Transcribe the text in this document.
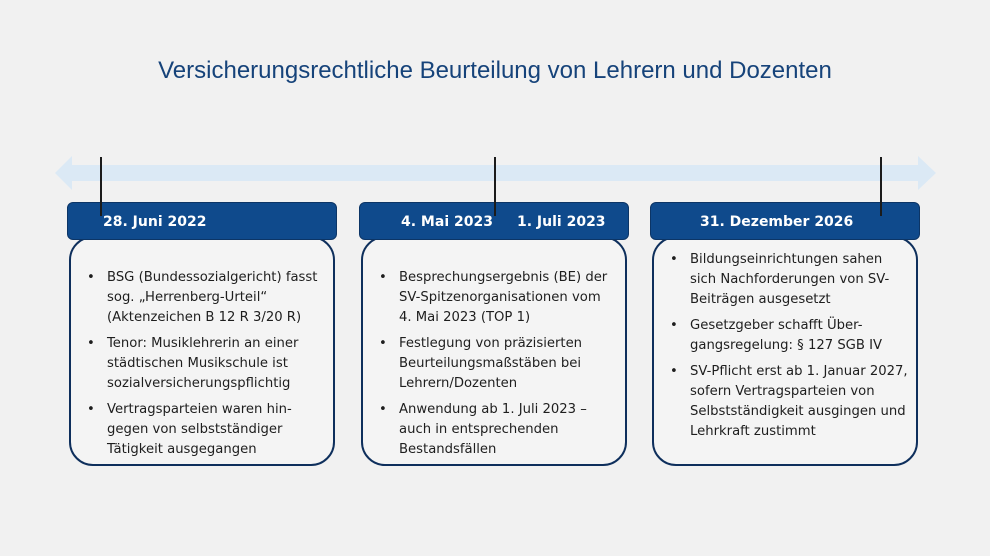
Versicherungsrechtliche Beurteilung von Lehrern und Dozenten
• BSG (Bundessozialgericht) fasst sog. „Herrenberg-Urteil“ (Aktenzeichen B 12 R 3/20 R)
• Tenor: Musiklehrerin an einer städtischen Musikschule ist sozialversicherungspflichtig
• Vertragsparteien waren hin-gegen von selbstständiger Tätigkeit ausgegangen
28. Juni 2022
• Besprechungsergebnis (BE) der SV-Spitzenorganisationen vom 4. Mai 2023 (TOP 1)
• Festlegung von präzisierten Beurteilungsmaßstäben bei Lehrern/Dozenten
• Anwendung ab 1. Juli 2023 – auch in entsprechenden Bestandsfällen
4. Mai 2023 1. Juli 2023
• Bildungseinrichtungen sahen sich Nachforderungen von SV-Beiträgen ausgesetzt
• Gesetzgeber schafft Über-gangsregelung: § 127 SGB IV
• SV-Pflicht erst ab 1. Januar 2027, sofern Vertragsparteien von Selbstständigkeit ausgingen und Lehrkraft zustimmt
31. Dezember 2026
